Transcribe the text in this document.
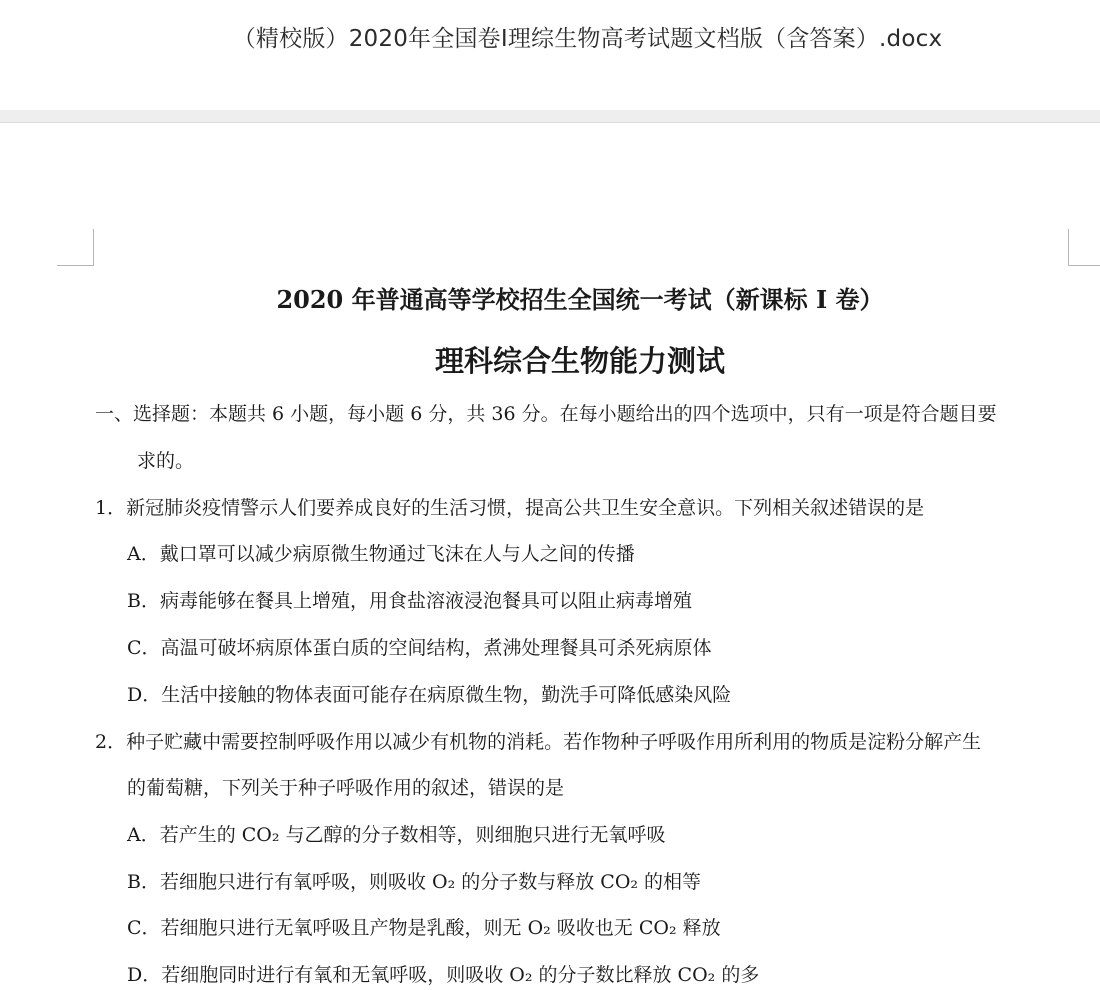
（精校版）2020年全国卷Ⅰ理综生物高考试题文档版（含答案）.docx
2020 年普通高等学校招生全国统一考试（新课标 I 卷）
理科综合生物能力测试
一、选择题：本题共 6 小题，每小题 6 分，共 36 分。在每小题给出的四个选项中，只有一项是符合题目要
求的。
1．新冠肺炎疫情警示人们要养成良好的生活习惯，提高公共卫生安全意识。下列相关叙述错误的是
A．戴口罩可以减少病原微生物通过飞沫在人与人之间的传播
B．病毒能够在餐具上增殖，用食盐溶液浸泡餐具可以阻止病毒增殖
C．高温可破坏病原体蛋白质的空间结构，煮沸处理餐具可杀死病原体
D．生活中接触的物体表面可能存在病原微生物，勤洗手可降低感染风险
2．种子贮藏中需要控制呼吸作用以减少有机物的消耗。若作物种子呼吸作用所利用的物质是淀粉分解产生
的葡萄糖，下列关于种子呼吸作用的叙述，错误的是
A．若产生的 CO₂ 与乙醇的分子数相等，则细胞只进行无氧呼吸
B．若细胞只进行有氧呼吸，则吸收 O₂ 的分子数与释放 CO₂ 的相等
C．若细胞只进行无氧呼吸且产物是乳酸，则无 O₂ 吸收也无 CO₂ 释放
D．若细胞同时进行有氧和无氧呼吸，则吸收 O₂ 的分子数比释放 CO₂ 的多
